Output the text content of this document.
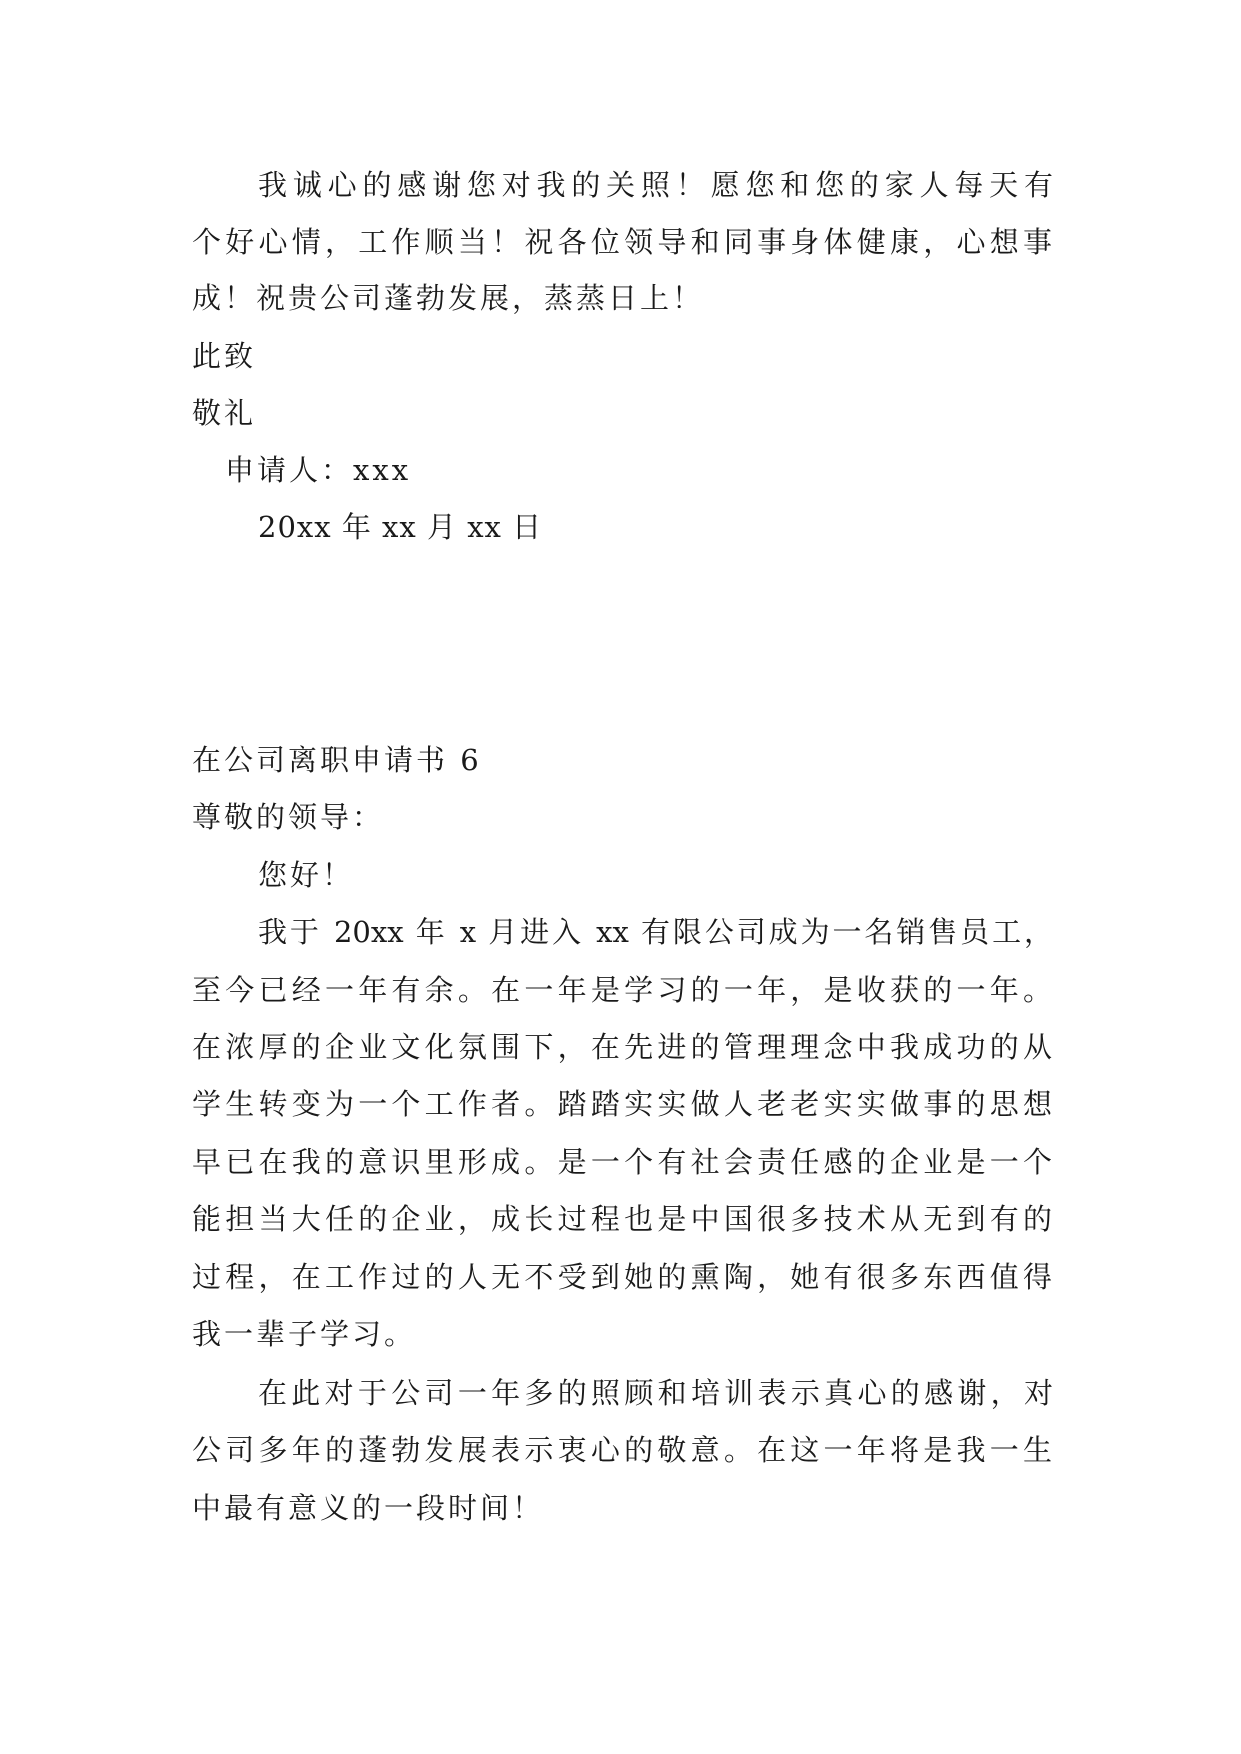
我诚心的感谢您对我的关照！愿您和您的家人每天有
个好心情，工作顺当！祝各位领导和同事身体健康，心想事
成！祝贵公司蓬勃发展，蒸蒸日上！
此致
敬礼
申请人：xxx
20xx 年 xx 月 xx 日
在公司离职申请书 6
尊敬的领导：
您好！
我于 20xx 年 x 月进入 xx 有限公司成为一名销售员工，
至今已经一年有余。在一年是学习的一年，是收获的一年。
在浓厚的企业文化氛围下，在先进的管理理念中我成功的从
学生转变为一个工作者。踏踏实实做人老老实实做事的思想
早已在我的意识里形成。是一个有社会责任感的企业是一个
能担当大任的企业，成长过程也是中国很多技术从无到有的
过程，在工作过的人无不受到她的熏陶，她有很多东西值得
我一辈子学习。
在此对于公司一年多的照顾和培训表示真心的感谢，对
公司多年的蓬勃发展表示衷心的敬意。在这一年将是我一生
中最有意义的一段时间！
